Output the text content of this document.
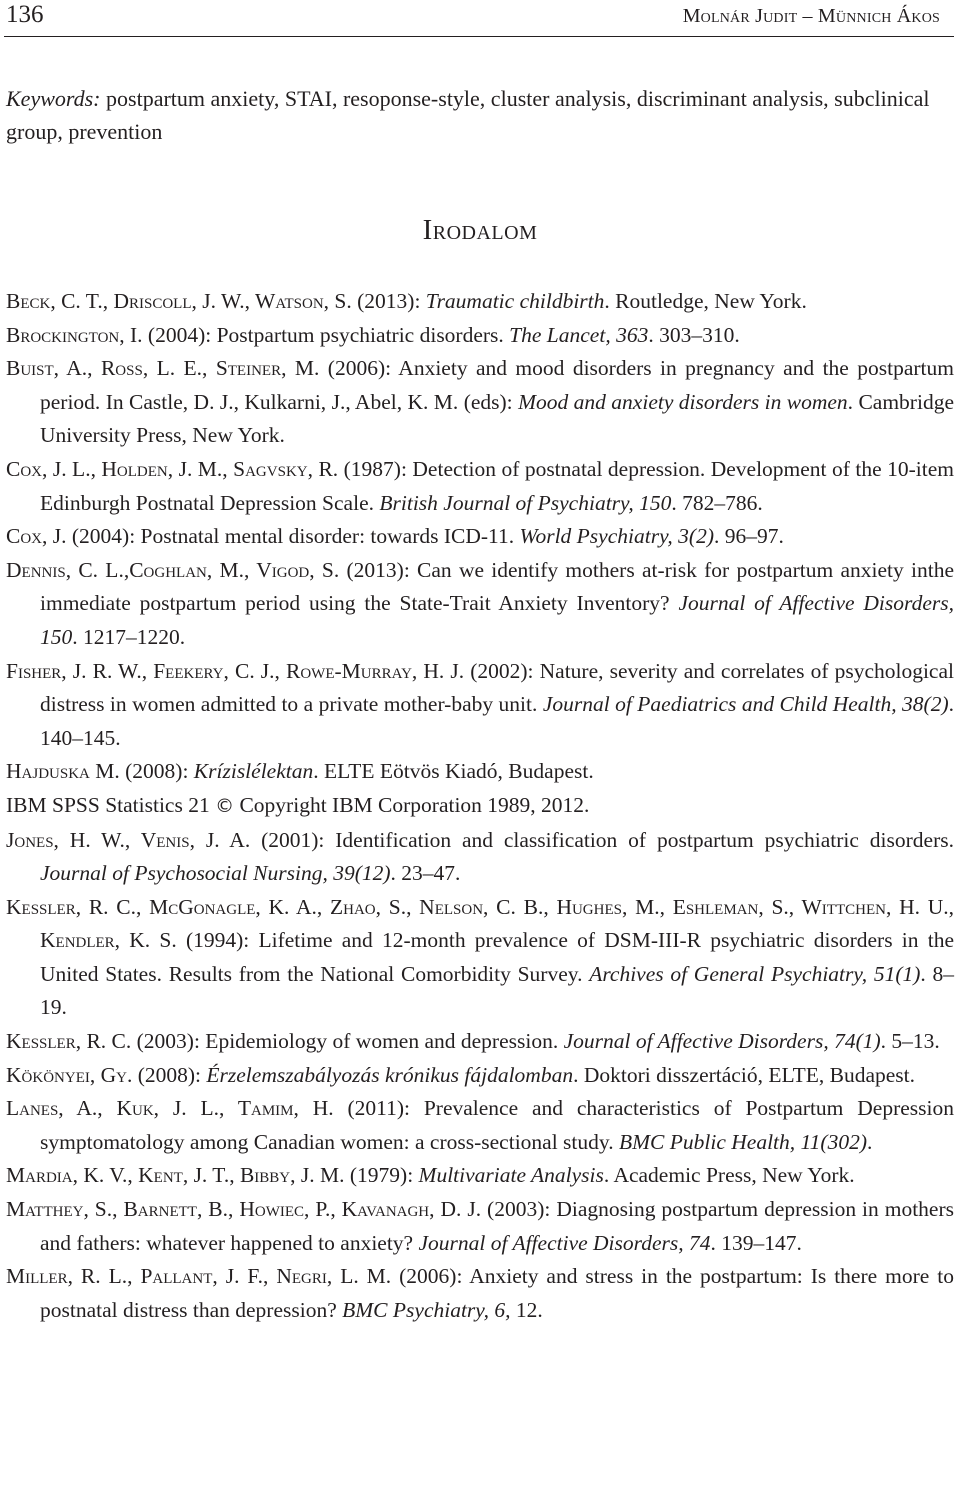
136	Molnár Judit – Münnich Ákos
Keywords: postpartum anxiety, STAI, resoponse-style, cluster analysis, discriminant analysis, subclinical group, prevention
Irodalom
Beck, C. T., Driscoll, J. W., Watson, S. (2013): Traumatic childbirth. Routledge, New York.
Brockington, I. (2004): Postpartum psychiatric disorders. The Lancet, 363. 303–310.
Buist, A., Ross, L. E., Steiner, M. (2006): Anxiety and mood disorders in pregnancy and the postpartum period. In Castle, D. J., Kulkarni, J., Abel, K. M. (eds): Mood and anxiety disorders in women. Cambridge University Press, New York.
Cox, J. L., Holden, J. M., Sagvsky, R. (1987): Detection of postnatal depression. Development of the 10-item Edinburgh Postnatal Depression Scale. British Journal of Psychiatry, 150. 782–786.
Cox, J. (2004): Postnatal mental disorder: towards ICD-11. World Psychiatry, 3(2). 96–97.
Dennis, C. L.,Coghlan, M., Vigod, S. (2013): Can we identify mothers at-risk for postpartum anxiety inthe immediate postpartum period using the State-Trait Anxiety Inventory? Journal of Affective Disorders, 150. 1217–1220.
Fisher, J. R. W., Feekery, C. J., Rowe-Murray, H. J. (2002): Nature, severity and correlates of psychological distress in women admitted to a private mother-baby unit. Journal of Paediatrics and Child Health, 38(2). 140–145.
Hajduska M. (2008): Krízislélektan. ELTE Eötvös Kiadó, Budapest.
IBM SPSS Statistics 21 © Copyright IBM Corporation 1989, 2012.
Jones, H. W., Venis, J. A. (2001): Identification and classification of postpartum psychiatric disorders. Journal of Psychosocial Nursing, 39(12). 23–47.
Kessler, R. C., McGonagle, K. A., Zhao, S., Nelson, C. B., Hughes, M., Eshleman, S., Wittchen, H. U., Kendler, K. S. (1994): Lifetime and 12-month prevalence of DSM-III-R psychiatric disorders in the United States. Results from the National Comorbidity Survey. Archives of General Psychiatry, 51(1). 8–19.
Kessler, R. C. (2003): Epidemiology of women and depression. Journal of Affective Disorders, 74(1). 5–13.
Kökönyei, Gy. (2008): Érzelemszabályozás krónikus fájdalomban. Doktori disszertáció, ELTE, Budapest.
Lanes, A., Kuk, J. L., Tamim, H. (2011): Prevalence and characteristics of Postpartum Depression symptomatology among Canadian women: a cross-sectional study. BMC Public Health, 11(302).
Mardia, K. V., Kent, J. T., Bibby, J. M. (1979): Multivariate Analysis. Academic Press, New York.
Matthey, S., Barnett, B., Howiec, P., Kavanagh, D. J. (2003): Diagnosing postpartum depression in mothers and fathers: whatever happened to anxiety? Journal of Affective Disorders, 74. 139–147.
Miller, R. L., Pallant, J. F., Negri, L. M. (2006): Anxiety and stress in the postpartum: Is there more to postnatal distress than depression? BMC Psychiatry, 6, 12.
